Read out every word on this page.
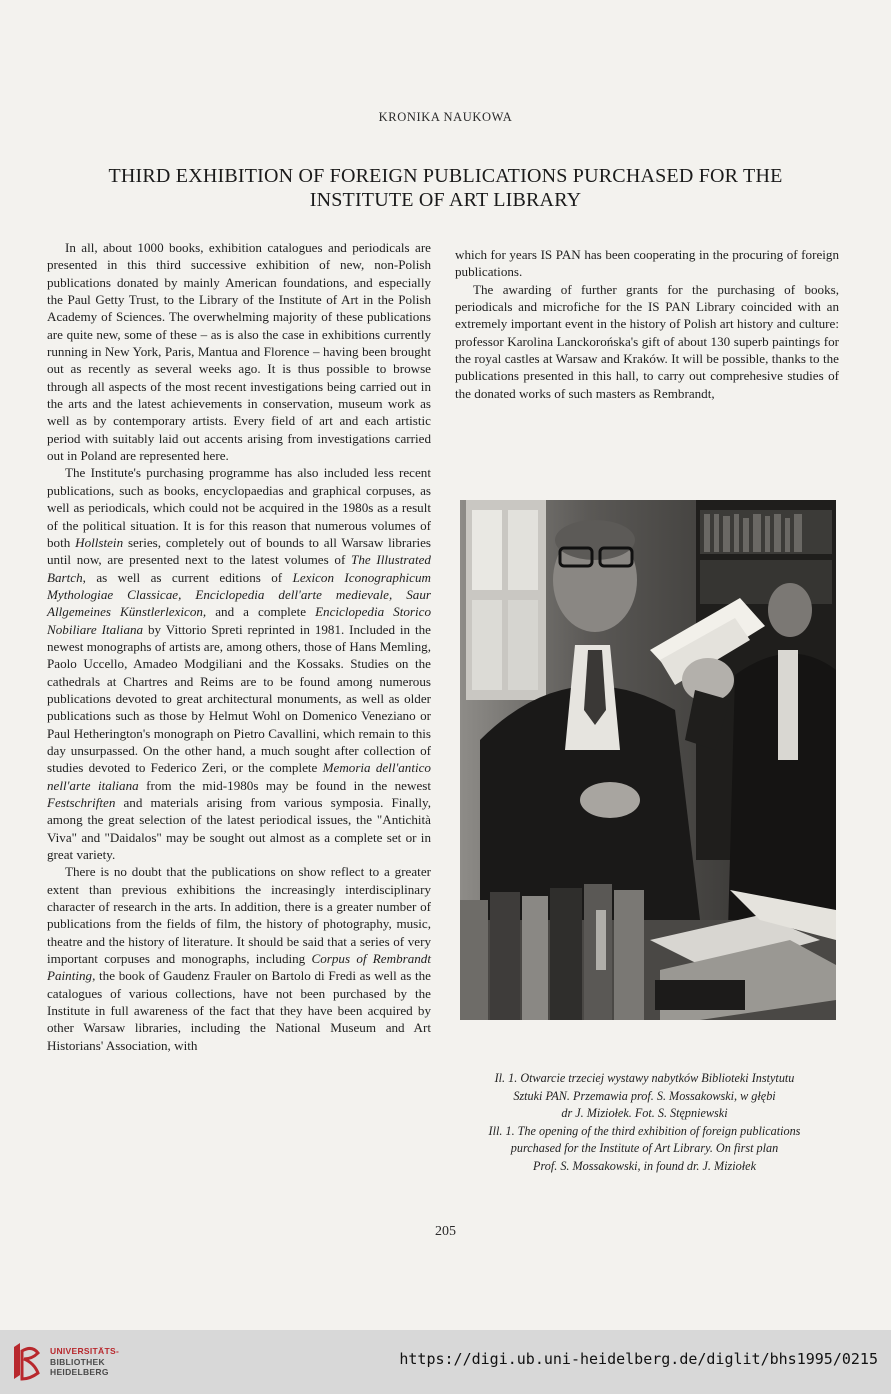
KRONIKA NAUKOWA
THIRD EXHIBITION OF FOREIGN PUBLICATIONS PURCHASED FOR THE
INSTITUTE OF ART LIBRARY

In all, about 1000 books, exhibition catalogues and periodicals are presented in this third successive exhibition of new, non-Polish publications donated by mainly American foundations, and especially the Paul Getty Trust, to the Library of the Institute of Art in the Polish Academy of Sciences. The overwhelming majority of these publications are quite new, some of these – as is also the case in exhibitions currently running in New York, Paris, Mantua and Florence – having been brought out as recently as several weeks ago. It is thus possible to browse through all aspects of the most recent investigations being carried out in the arts and the latest achievements in conservation, museum work as well as by contemporary artists. Every field of art and each artistic period with suitably laid out accents arising from investigations carried out in Poland are represented here.

The Institute's purchasing programme has also included less recent publications, such as books, encyclopaedias and graphical corpuses, as well as periodicals, which could not be acquired in the 1980s as a result of the political situation. It is for this reason that numerous volumes of both Hollstein series, completely out of bounds to all Warsaw libraries until now, are presented next to the latest volumes of The Illustrated Bartch, as well as current editions of Lexicon Iconographicum Mythologiae Classicae, Enciclopedia dell'arte medievale, Saur Allgemeines Künstlerlexicon, and a complete Enciclopedia Storico Nobiliare Italiana by Vittorio Spreti reprinted in 1981. Included in the newest monographs of artists are, among others, those of Hans Memling, Paolo Uccello, Amadeo Modgiliani and the Kossaks. Studies on the cathedrals at Chartres and Reims are to be found among numerous publications devoted to great architectural monuments, as well as older publications such as those by Helmut Wohl on Domenico Veneziano or Paul Hetherington's monograph on Pietro Cavallini, which remain to this day unsurpassed. On the other hand, a much sought after collection of studies devoted to Federico Zeri, or the complete Memoria dell'antico nell'arte italiana from the mid-1980s may be found in the newest Festschriften and materials arising from various symposia. Finally, among the great selection of the latest periodical issues, the "Antichità Viva" and "Daidalos" may be sought out almost as a complete set or in great variety.

There is no doubt that the publications on show reflect to a greater extent than previous exhibitions the increasingly interdisciplinary character of research in the arts. In addition, there is a greater number of publications from the fields of film, the history of photography, music, theatre and the history of literature. It should be said that a series of very important corpuses and monographs, including Corpus of Rembrandt Painting, the book of Gaudenz Frauler on Bartolo di Fredi as well as the catalogues of various collections, have not been purchased by the Institute in full awareness of the fact that they have been acquired by other Warsaw libraries, including the National Museum and Art Historians' Association, with

which for years IS PAN has been cooperating in the procuring of foreign publications.

The awarding of further grants for the purchasing of books, periodicals and microfiche for the IS PAN Library coincided with an extremely important event in the history of Polish art history and culture: professor Karolina Lanckorońska's gift of about 130 superb paintings for the royal castles at Warsaw and Kraków. It will be possible, thanks to the publications presented in this hall, to carry out comprehesive studies of the donated works of such masters as Rembrandt,

Il. 1. Otwarcie trzeciej wystawy nabytków Biblioteki Instytutu
Sztuki PAN. Przemawia prof. S. Mossakowski, w głębi
dr J. Miziołek. Fot. S. Stępniewski
Ill. 1. The opening of the third exhibition of foreign publications
purchased for the Institute of Art Library. On first plan
Prof. S. Mossakowski, in found dr. J. Miziołek
205
UNIVERSITÄTS-
BIBLIOTHEK
HEIDELBERG
https://digi.ub.uni-heidelberg.de/diglit/bhs1995/0215
